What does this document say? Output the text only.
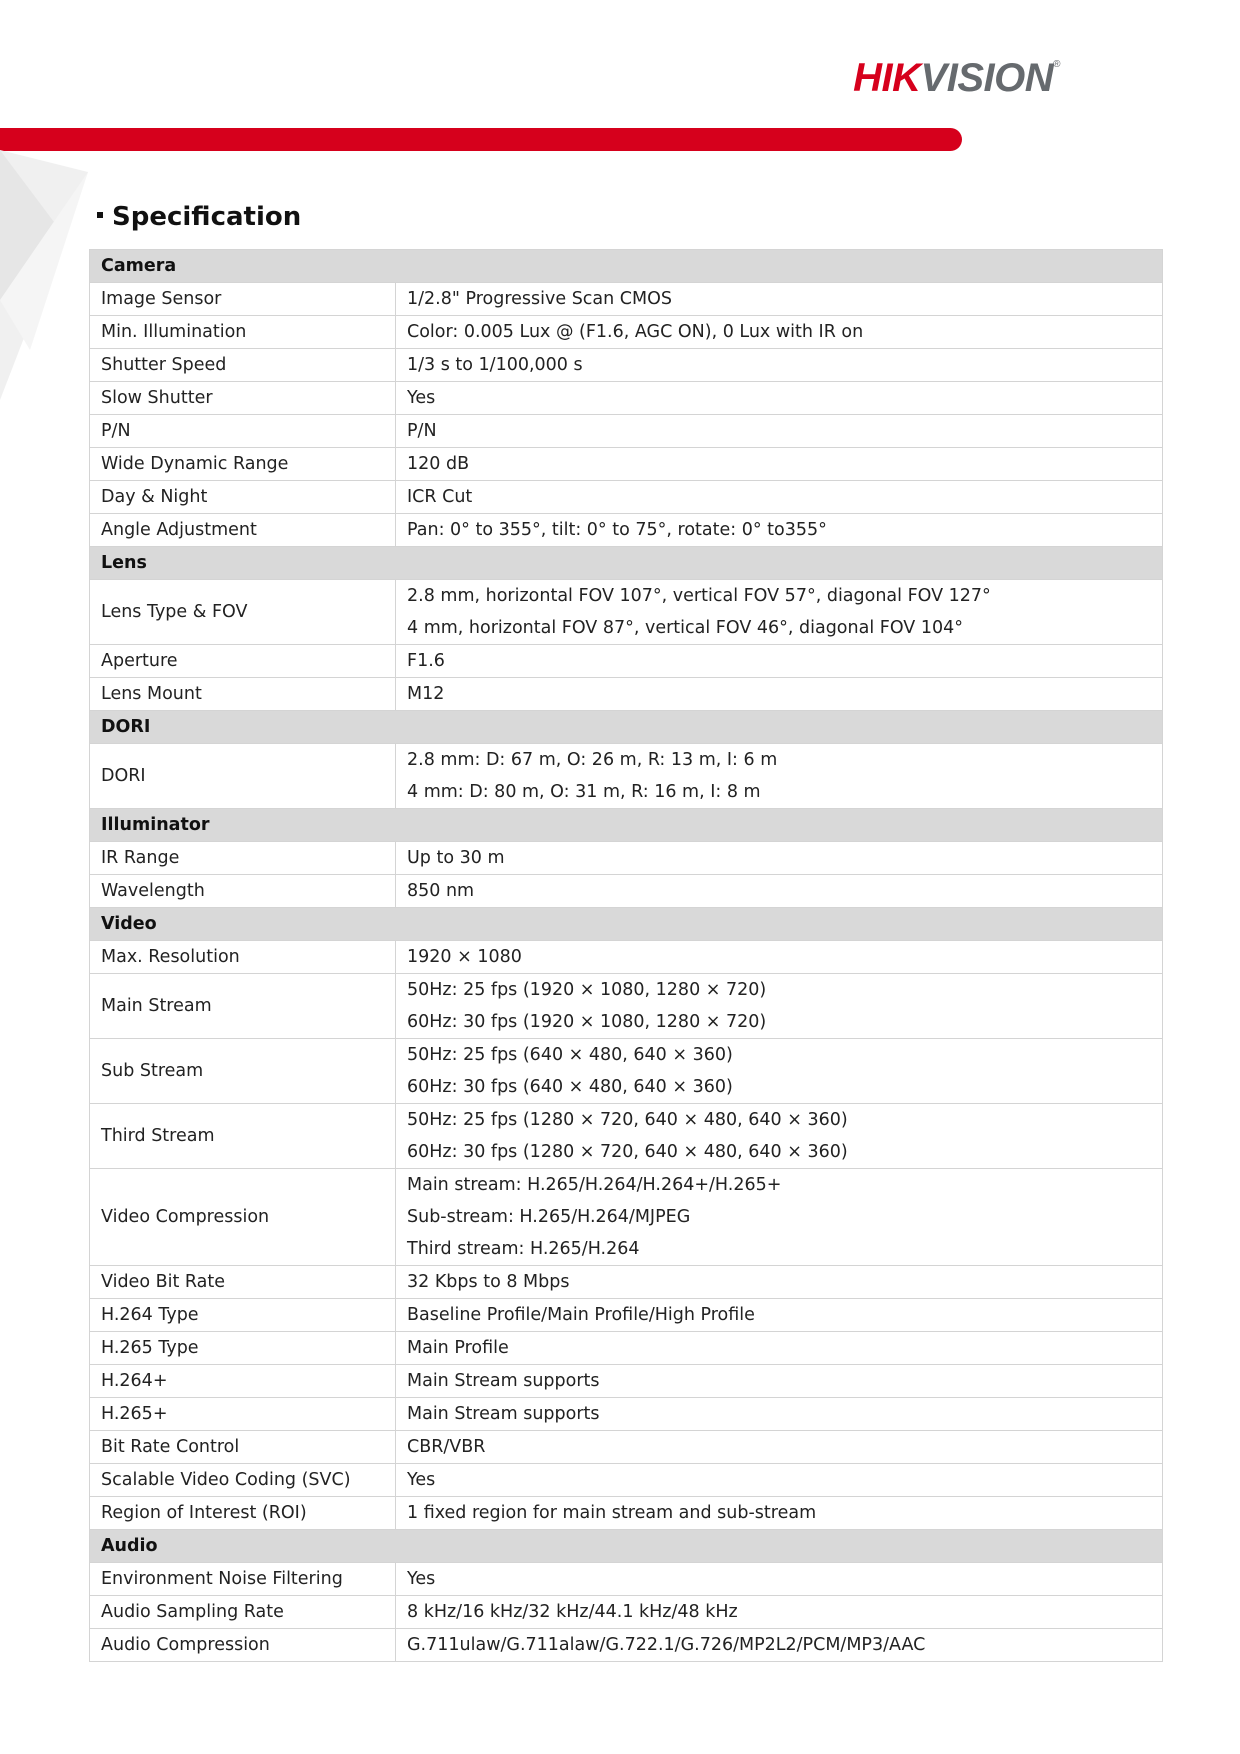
HIKVISION®
Specification
Camera	
Image Sensor	1/2.8" Progressive Scan CMOS

Min. Illumination	Color: 0.005 Lux @ (F1.6, AGC ON), 0 Lux with IR on

Shutter Speed	1/3 s to 1/100,000 s

Slow Shutter	Yes

P/N	P/N

Wide Dynamic Range	120 dB

Day & Night	ICR Cut

Angle Adjustment	Pan: 0° to 355°, tilt: 0° to 75°, rotate: 0° to355°

Lens	
Lens Type & FOV	2.8 mm, horizontal FOV 107°, vertical FOV 57°, diagonal FOV 127°
4 mm, horizontal FOV 87°, vertical FOV 46°, diagonal FOV 104°

Aperture	F1.6

Lens Mount	M12

DORI	
DORI	2.8 mm: D: 67 m, O: 26 m, R: 13 m, I: 6 m
4 mm: D: 80 m, O: 31 m, R: 16 m, I: 8 m

Illuminator	
IR Range	Up to 30 m

Wavelength	850 nm

Video	
Max. Resolution	1920 × 1080

Main Stream	50Hz: 25 fps (1920 × 1080, 1280 × 720)
60Hz: 30 fps (1920 × 1080, 1280 × 720)

Sub Stream	50Hz: 25 fps (640 × 480, 640 × 360)
60Hz: 30 fps (640 × 480, 640 × 360)

Third Stream	50Hz: 25 fps (1280 × 720, 640 × 480, 640 × 360)
60Hz: 30 fps (1280 × 720, 640 × 480, 640 × 360)

Video Compression	Main stream: H.265/H.264/H.264+/H.265+
Sub-stream: H.265/H.264/MJPEG
Third stream: H.265/H.264

Video Bit Rate	32 Kbps to 8 Mbps

H.264 Type	Baseline Profile/Main Profile/High Profile

H.265 Type	Main Profile

H.264+	Main Stream supports

H.265+	Main Stream supports

Bit Rate Control	CBR/VBR

Scalable Video Coding (SVC)	Yes

Region of Interest (ROI)	1 fixed region for main stream and sub-stream

Audio	
Environment Noise Filtering	Yes

Audio Sampling Rate	8 kHz/16 kHz/32 kHz/44.1 kHz/48 kHz

Audio Compression	G.711ulaw/G.711alaw/G.722.1/G.726/MP2L2/PCM/MP3/AAC
